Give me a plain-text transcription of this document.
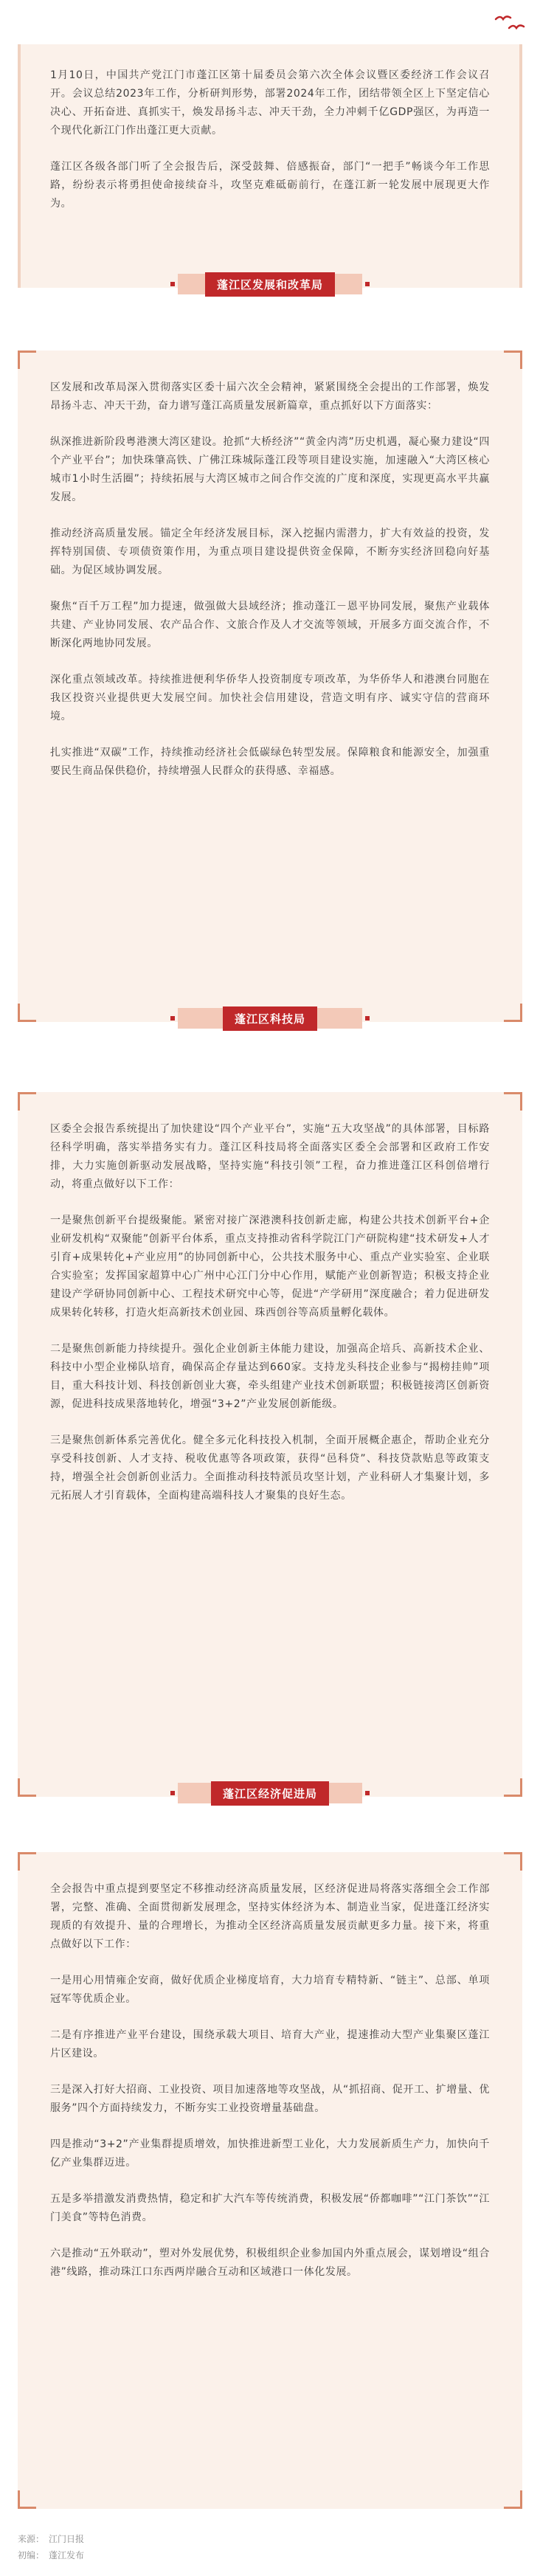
1月10日，中国共产党江门市蓬江区第十届委员会第六次全体会议暨区委经济工作会议召开。会议总结2023年工作，分析研判形势，部署2024年工作，团结带领全区上下坚定信心决心、开拓奋进、真抓实干，焕发昂扬斗志、冲天干劲，全力冲刺千亿GDP强区，为再造一个现代化新江门作出蓬江更大贡献。

蓬江区各级各部门听了全会报告后，深受鼓舞、倍感振奋，部门“一把手”畅谈今年工作思路，纷纷表示将勇担使命接续奋斗，攻坚克难砥砺前行，在蓬江新一轮发展中展现更大作为。

区发展和改革局深入贯彻落实区委十届六次全会精神，紧紧围绕全会提出的工作部署，焕发昂扬斗志、冲天干劲，奋力谱写蓬江高质量发展新篇章，重点抓好以下方面落实：

纵深推进新阶段粤港澳大湾区建设。抢抓“大桥经济”“黄金内湾”历史机遇，凝心聚力建设“四个产业平台”；加快珠肇高铁、广佛江珠城际蓬江段等项目建设实施，加速融入“大湾区核心城市1小时生活圈”；持续拓展与大湾区城市之间合作交流的广度和深度，实现更高水平共赢发展。

推动经济高质量发展。锚定全年经济发展目标，深入挖掘内需潜力，扩大有效益的投资，发挥特别国债、专项债资策作用，为重点项目建设提供资金保障，不断夯实经济回稳向好基础。为促区域协调发展。

聚焦“百千万工程”加力提速，做强做大县域经济；推动蓬江－恩平协同发展，聚焦产业载体共建、产业协同发展、农产品合作、文旅合作及人才交流等领域，开展多方面交流合作，不断深化两地协同发展。

深化重点领域改革。持续推进便利华侨华人投资制度专项改革，为华侨华人和港澳台同胞在我区投资兴业提供更大发展空间。加快社会信用建设，营造文明有序、诚实守信的营商环境。

扎实推进“双碳”工作，持续推动经济社会低碳绿色转型发展。保障粮食和能源安全，加强重要民生商品保供稳价，持续增强人民群众的获得感、幸福感。

蓬江区发展和改革局

区委全会报告系统提出了加快建设“四个产业平台”，实施“五大攻坚战”的具体部署，目标路径科学明确，落实举措务实有力。蓬江区科技局将全面落实区委全会部署和区政府工作安排，大力实施创新驱动发展战略，坚持实施“科技引领”工程，奋力推进蓬江区科创倍增行动，将重点做好以下工作：

一是聚焦创新平台提级聚能。紧密对接广深港澳科技创新走廊，构建公共技术创新平台+企业研发机构“双聚能”创新平台体系，重点支持推动省科学院江门产研院构建“技术研发+人才引育+成果转化+产业应用”的协同创新中心，公共技术服务中心、重点产业实验室、企业联合实验室；发挥国家超算中心广州中心江门分中心作用，赋能产业创新智造；积极支持企业建设产学研协同创新中心、工程技术研究中心等，促进“产学研用”深度融合；着力促进研发成果转化转移，打造火炬高新技术创业园、珠西创谷等高质量孵化载体。

二是聚焦创新能力持续提升。强化企业创新主体能力建设，加强高企培兵、高新技术企业、科技中小型企业梯队培育，确保高企存量达到660家。支持龙头科技企业参与“揭榜挂帅”项目，重大科技计划、科技创新创业大赛，牵头组建产业技术创新联盟；积极链接湾区创新资源，促进科技成果落地转化，增强“3+2”产业发展创新能级。

三是聚焦创新体系完善优化。健全多元化科技投入机制，全面开展概企惠企，帮助企业充分享受科技创新、人才支持、税收优惠等各项政策，获得“邑科贷”、科技贷款贴息等政策支持，增强全社会创新创业活力。全面推动科技特派员攻坚计划，产业科研人才集聚计划，多元拓展人才引育载体，全面构建高端科技人才聚集的良好生态。

蓬江区科技局

全会报告中重点提到要坚定不移推动经济高质量发展，区经济促进局将落实落细全会工作部署，完整、准确、全面贯彻新发展理念，坚持实体经济为本、制造业当家，促进蓬江经济实现质的有效提升、量的合理增长，为推动全区经济高质量发展贡献更多力量。接下来，将重点做好以下工作：

一是用心用情雍企安商，做好优质企业梯度培育，大力培育专精特新、“链主”、总部、单项冠军等优质企业。

二是有序推进产业平台建设，围绕承载大项目、培育大产业，提速推动大型产业集聚区蓬江片区建设。

三是深入打好大招商、工业投资、项目加速落地等攻坚战，从“抓招商、促开工、扩增量、优服务”四个方面持续发力，不断夯实工业投资增量基础盘。

四是推动“3+2”产业集群提质增效，加快推进新型工业化，大力发展新质生产力，加快向千亿产业集群迈进。

五是多举措激发消费热情，稳定和扩大汽车等传统消费，积极发展“侨都咖啡”“江门茶饮”“江门美食”等特色消费。

六是推动“五外联动”，塑对外发展优势，积极组织企业参加国内外重点展会，谋划增设“组合港”线路，推动珠江口东西两岸融合互动和区域港口一体化发展。

蓬江区经济促进局
来源： 江门日报
初编： 蓬江发布
